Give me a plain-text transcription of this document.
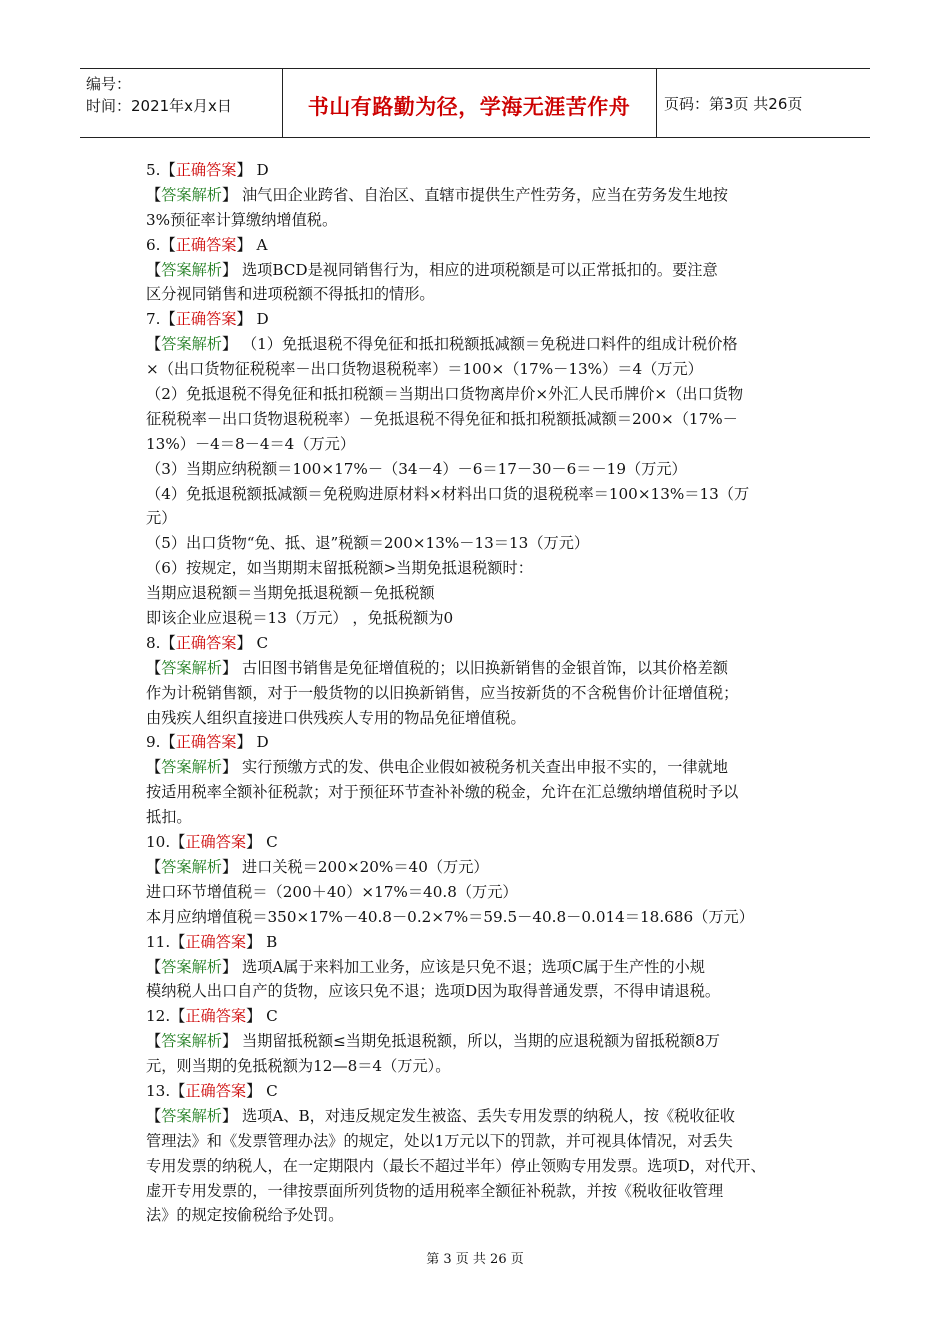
编号：
时间：2021年x月x日	书山有路勤为径，学海无涯苦作舟	页码：第3页 共26页
5.【正确答案】 D
【答案解析】 油气田企业跨省、自治区、直辖市提供生产性劳务，应当在劳务发生地按
3%预征率计算缴纳增值税。
6.【正确答案】 A
【答案解析】 选项BCD是视同销售行为，相应的进项税额是可以正常抵扣的。要注意
区分视同销售和进项税额不得抵扣的情形。
7.【正确答案】 D
【答案解析】 （1）免抵退税不得免征和抵扣税额抵减额＝免税进口料件的组成计税价格
×（出口货物征税税率－出口货物退税税率）＝100×（17%－13%）＝4（万元）
（2）免抵退税不得免征和抵扣税额＝当期出口货物离岸价×外汇人民币牌价×（出口货物
征税税率－出口货物退税税率）－免抵退税不得免征和抵扣税额抵减额＝200×（17%－
13%）－4＝8－4＝4（万元）
（3）当期应纳税额＝100×17%－（34－4）－6＝17－30－6＝－19（万元）
（4）免抵退税额抵减额＝免税购进原材料×材料出口货的退税税率＝100×13%＝13（万
元）
（5）出口货物“免、抵、退”税额＝200×13%－13＝13（万元）
（6）按规定，如当期期末留抵税额>当期免抵退税额时：
当期应退税额＝当期免抵退税额－免抵税额
即该企业应退税＝13（万元） ，免抵税额为0
8.【正确答案】 C
【答案解析】 古旧图书销售是免征增值税的；以旧换新销售的金银首饰，以其价格差额
作为计税销售额，对于一般货物的以旧换新销售，应当按新货的不含税售价计征增值税；
由残疾人组织直接进口供残疾人专用的物品免征增值税。
9.【正确答案】 D
【答案解析】 实行预缴方式的发、供电企业假如被税务机关查出申报不实的，一律就地
按适用税率全额补征税款；对于预征环节查补补缴的税金，允许在汇总缴纳增值税时予以
抵扣。
10.【正确答案】 C
【答案解析】 进口关税＝200×20%＝40（万元）
进口环节增值税＝（200＋40）×17%＝40.8（万元）
本月应纳增值税＝350×17%－40.8－0.2×7%＝59.5－40.8－0.014＝18.686（万元）
11.【正确答案】 B
【答案解析】 选项A属于来料加工业务，应该是只免不退；选项C属于生产性的小规
模纳税人出口自产的货物，应该只免不退；选项D因为取得普通发票，不得申请退税。
12.【正确答案】 C
【答案解析】 当期留抵税额≤当期免抵退税额，所以，当期的应退税额为留抵税额8万
元，则当期的免抵税额为12—8＝4（万元）。
13.【正确答案】 C
【答案解析】 选项A、B，对违反规定发生被盗、丢失专用发票的纳税人，按《税收征收
管理法》和《发票管理办法》的规定，处以1万元以下的罚款，并可视具体情况，对丢失
专用发票的纳税人，在一定期限内（最长不超过半年）停止领购专用发票。选项D，对代开、
虚开专用发票的，一律按票面所列货物的适用税率全额征补税款，并按《税收征收管理
法》的规定按偷税给予处罚。
第 3 页 共 26 页
